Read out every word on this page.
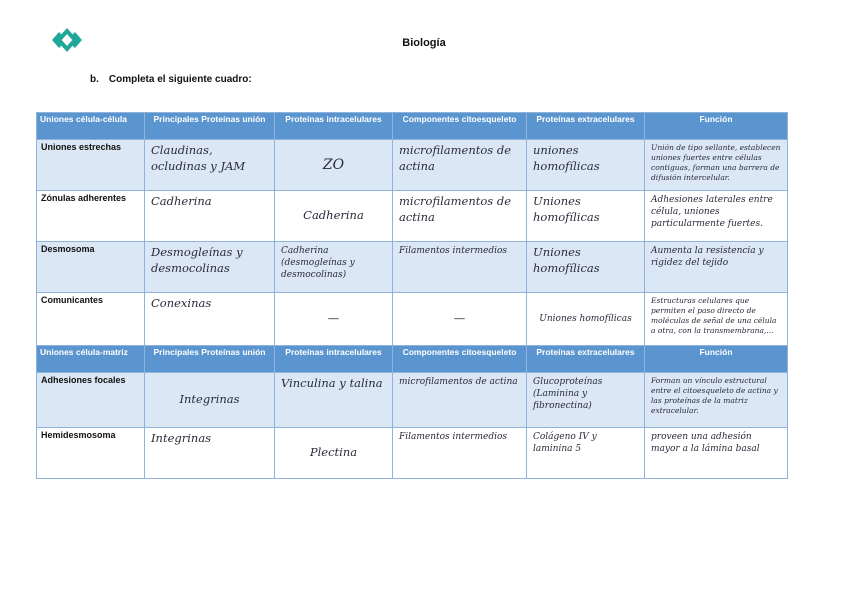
Biología
b. Completa el siguiente cuadro:
Uniones célula-célula	Principales Proteínas unión	Proteínas intracelulares	Componentes citoesqueleto	Proteínas extracelulares	Función
Uniones estrechas	Claudinas, ocludinas y JAM	ZO	microfilamentos de actina	uniones homofílicas	Unión de tipo sellante, establecen uniones fuertes entre células contiguas, forman una barrera de difusión intercelular.
Zónulas adherentes	Cadherina	Cadherina	microfilamentos de actina	Uniones homofílicas	Adhesiones laterales entre célula, uniones particularmente fuertes.
Desmosoma	Desmogleínas y desmocolinas	Cadherina (desmogleínas y desmocolinas)	Filamentos intermedios	Uniones homofílicas	Aumenta la resistencia y rigidez del tejido
Comunicantes	Conexinas	—	—	Uniones homofílicas	Estructuras celulares que permiten el paso directo de moléculas de señal de una célula a otra, con la transmembrana,...
Uniones célula-matriz	Principales Proteínas unión	Proteínas intracelulares	Componentes citoesqueleto	Proteínas extracelulares	Función
Adhesiones focales	Integrinas	Vinculina y talina	microfilamentos de actina	Glucoproteínas (Laminina y fibronectina)	Forman un vínculo estructural entre el citoesqueleto de actina y las proteínas de la matriz extracelular.
Hemidesmosoma	Integrinas	Plectina	Filamentos intermedios	Colágeno IV y laminina 5	proveen una adhesión mayor a la lámina basal
